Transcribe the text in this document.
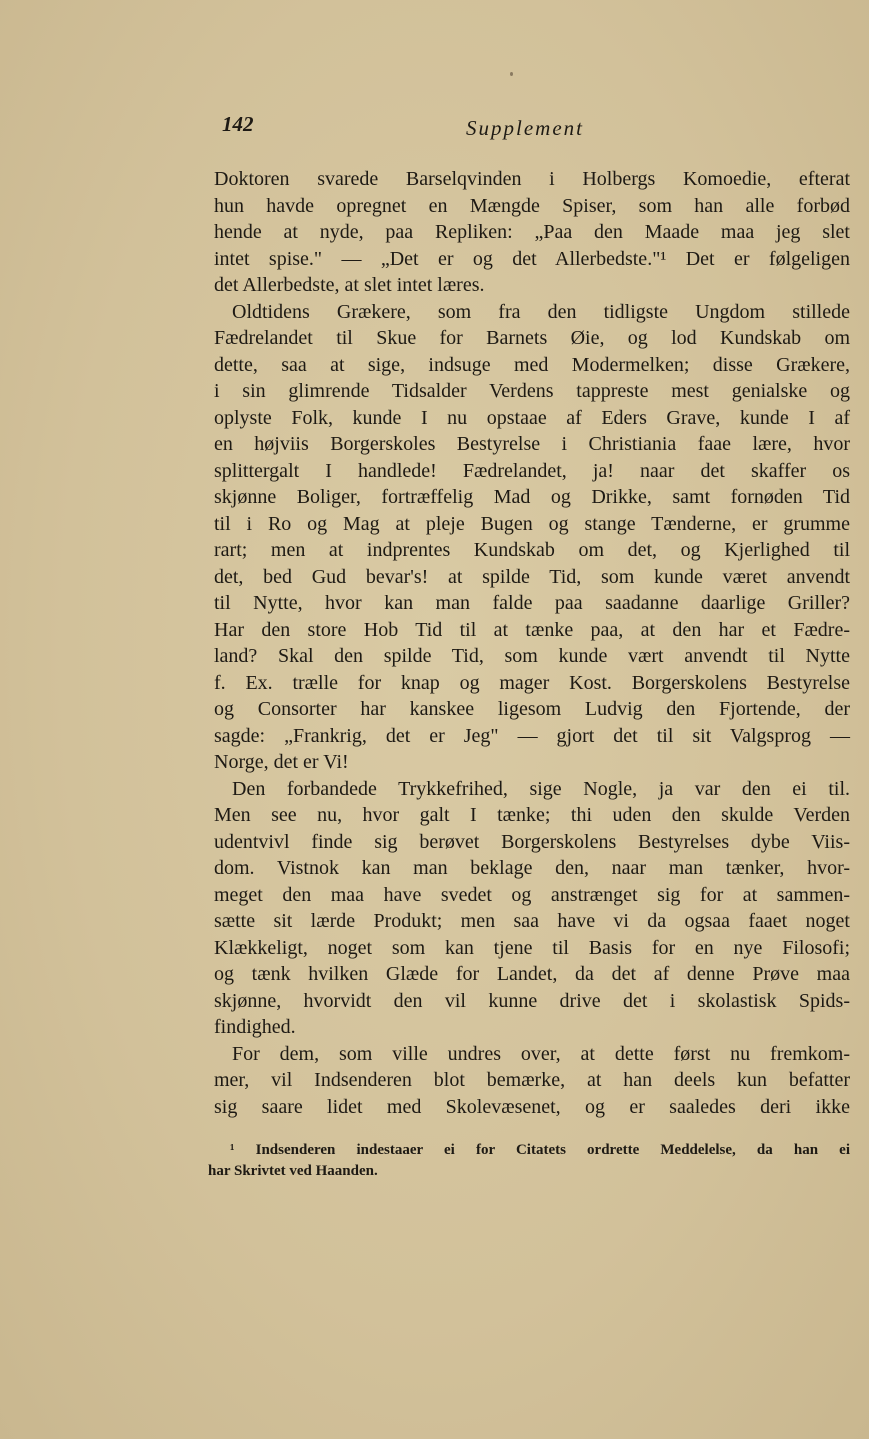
142	Supplement
Doktoren svarede Barselqvinden i Holbergs Komoedie, efterat
hun havde opregnet en Mængde Spiser, som han alle forbød
hende at nyde, paa Repliken: „Paa den Maade maa jeg slet
intet spise." — „Det er og det Allerbedste."¹ Det er følgeligen
det Allerbedste, at slet intet læres.
Oldtidens Grækere, som fra den tidligste Ungdom stillede
Fædrelandet til Skue for Barnets Øie, og lod Kundskab om
dette, saa at sige, indsuge med Modermelken; disse Grækere,
i sin glimrende Tidsalder Verdens tappreste mest genialske og
oplyste Folk, kunde I nu opstaae af Eders Grave, kunde I af
en højviis Borgerskoles Bestyrelse i Christiania faae lære, hvor
splittergalt I handlede! Fædrelandet, ja! naar det skaffer os
skjønne Boliger, fortræffelig Mad og Drikke, samt fornøden Tid
til i Ro og Mag at pleje Bugen og stange Tænderne, er grumme
rart; men at indprentes Kundskab om det, og Kjerlighed til
det, bed Gud bevar's! at spilde Tid, som kunde været anvendt
til Nytte, hvor kan man falde paa saadanne daarlige Griller?
Har den store Hob Tid til at tænke paa, at den har et Fædre-
land? Skal den spilde Tid, som kunde vært anvendt til Nytte
f. Ex. trælle for knap og mager Kost. Borgerskolens Bestyrelse
og Consorter har kanskee ligesom Ludvig den Fjortende, der
sagde: „Frankrig, det er Jeg" — gjort det til sit Valgsprog —
Norge, det er Vi!
Den forbandede Trykkefrihed, sige Nogle, ja var den ei til.
Men see nu, hvor galt I tænke; thi uden den skulde Verden
udentvivl finde sig berøvet Borgerskolens Bestyrelses dybe Viis-
dom. Vistnok kan man beklage den, naar man tænker, hvor-
meget den maa have svedet og anstrænget sig for at sammen-
sætte sit lærde Produkt; men saa have vi da ogsaa faaet noget
Klækkeligt, noget som kan tjene til Basis for en nye Filosofi;
og tænk hvilken Glæde for Landet, da det af denne Prøve maa
skjønne, hvorvidt den vil kunne drive det i skolastisk Spids-
findighed.
For dem, som ville undres over, at dette først nu fremkom-
mer, vil Indsenderen blot bemærke, at han deels kun befatter
sig saare lidet med Skolevæsenet, og er saaledes deri ikke
¹ Indsenderen indestaaer ei for Citatets ordrette Meddelelse, da han ei
har Skrivtet ved Haanden.
